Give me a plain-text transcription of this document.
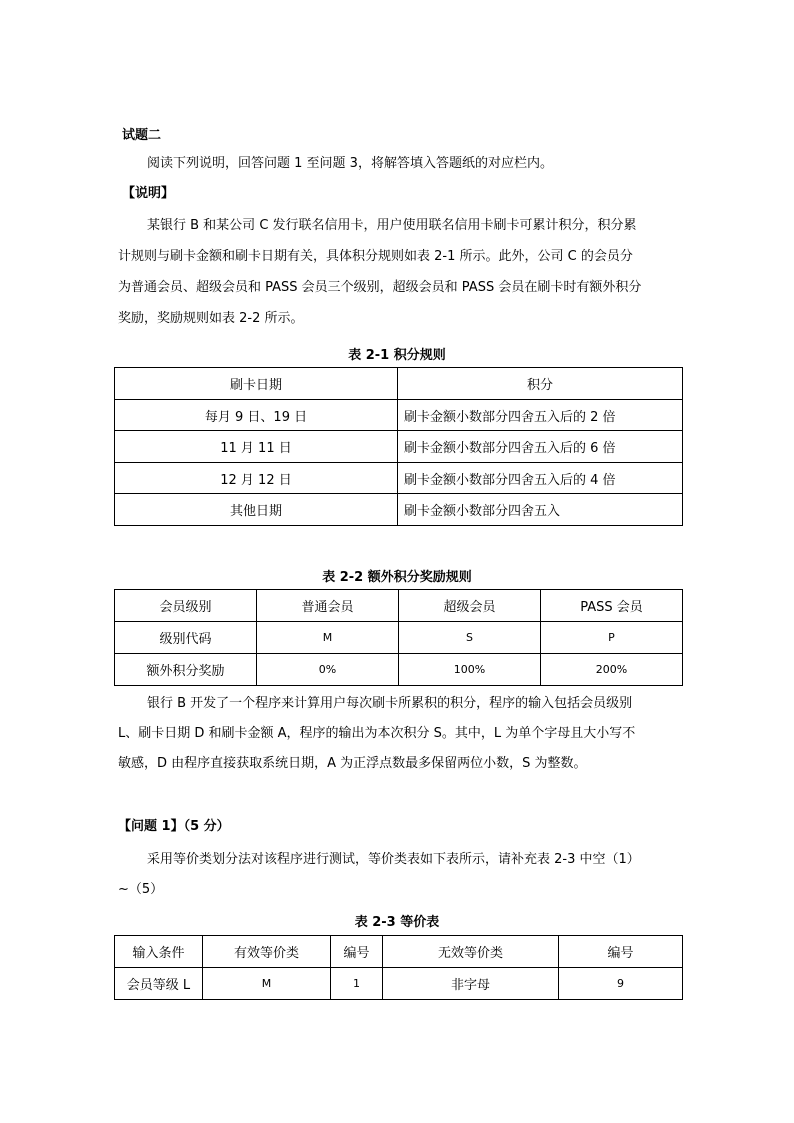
试题二
阅读下列说明，回答问题 1 至问题 3，将解答填入答题纸的对应栏内。
【说明】
某银行 B 和某公司 C 发行联名信用卡，用户使用联名信用卡刷卡可累计积分，积分累
计规则与刷卡金额和刷卡日期有关，具体积分规则如表 2-1 所示。此外，公司 C 的会员分
为普通会员、超级会员和 PASS 会员三个级别，超级会员和 PASS 会员在刷卡时有额外积分
奖励，奖励规则如表 2-2 所示。
表 2-1 积分规则
刷卡日期	积分
每月 9 日、19 日	刷卡金额小数部分四舍五入后的 2 倍
11 月 11 日	刷卡金额小数部分四舍五入后的 6 倍
12 月 12 日	刷卡金额小数部分四舍五入后的 4 倍
其他日期	刷卡金额小数部分四舍五入
表 2-2 额外积分奖励规则
会员级别	普通会员	超级会员	PASS 会员
级别代码	M	S	P
额外积分奖励	0%	100%	200%
银行 B 开发了一个程序来计算用户每次刷卡所累积的积分，程序的输入包括会员级别
L、刷卡日期 D 和刷卡金额 A，程序的输出为本次积分 S。其中，L 为单个字母且大小写不
敏感，D 由程序直接获取系统日期，A 为正浮点数最多保留两位小数，S 为整数。
【问题 1】（5 分）
采用等价类划分法对该程序进行测试，等价类表如下表所示，请补充表 2-3 中空（1）
~（5）
表 2-3 等价表
输入条件	有效等价类	编号	无效等价类	编号
会员等级 L	M	1	非字母	9
